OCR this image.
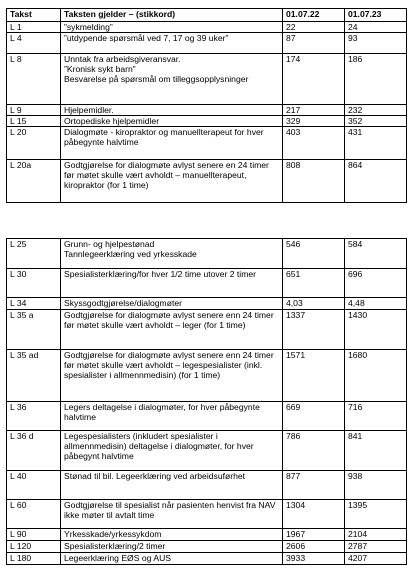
Takst	Taksten gjelder – (stikkord)	01.07.22	01.07.23
L 1	”sykmelding”	22	24
L 4	”utdypende spørsmål ved 7, 17 og 39 uker”	87	93
L 8	Unntak fra arbeidsgiveransvar.
”Kronisk sykt barn”
Besvarelse på spørsmål om tilleggsopplysninger	174	186
L 9	Hjelpemidler.	217	232
L 15	Ortopediske hjelpemidler	329	352
L 20	Dialogmøte - kiropraktor og manuellterapeut for hver påbegynte halvtime	403	431
L 20a	Godtgjørelse for dialogmøte avlyst senere en 24 timer før møtet skulle vært avholdt – manuellterapeut, kiropraktor (for 1 time)	808	864
L 25	Grunn- og hjelpestønad
Tannlegeerklæring ved yrkesskade	546	584
L 30	Spesialisterklæring/for hver 1/2 time utover 2 timer	651	696
L 34	Skyssgodtgjørelse/dialogmøter	4,03	4,48
L 35 a	Godtgjørelse for dialogmøte avlyst senere enn 24 timer før møtet skulle vært avholdt – leger (for 1 time)	1337	1430
L 35 ad	Godtgjørelse for dialogmøte avlyst senere enn 24 timer før møtet skulle vært avholdt – legespesialister (inkl. spesialister i allmennmedisin) (for 1 time)	1571	1680
L 36	Legers deltagelse i dialogmøter, for hver påbegynte halvtime	669	716
L 36 d	Legespesialisters (inkludert spesialister i allmennmedisin) deltagelse i dialogmøter, for hver påbegynt halvtime	786	841
L 40	Stønad til bil. Legeerklæring ved arbeidsuførhet	877	938
L 60	Godtgjørelse til spesialist når pasienten henvist fra NAV ikke møter til avtalt time	1304	1395
L 90	Yrkesskade/yrkessykdom	1967	2104
L 120	Spesialisterklæring/2 timer	2606	2787
L 180	Legeerklæring EØS og AUS	3933	4207
